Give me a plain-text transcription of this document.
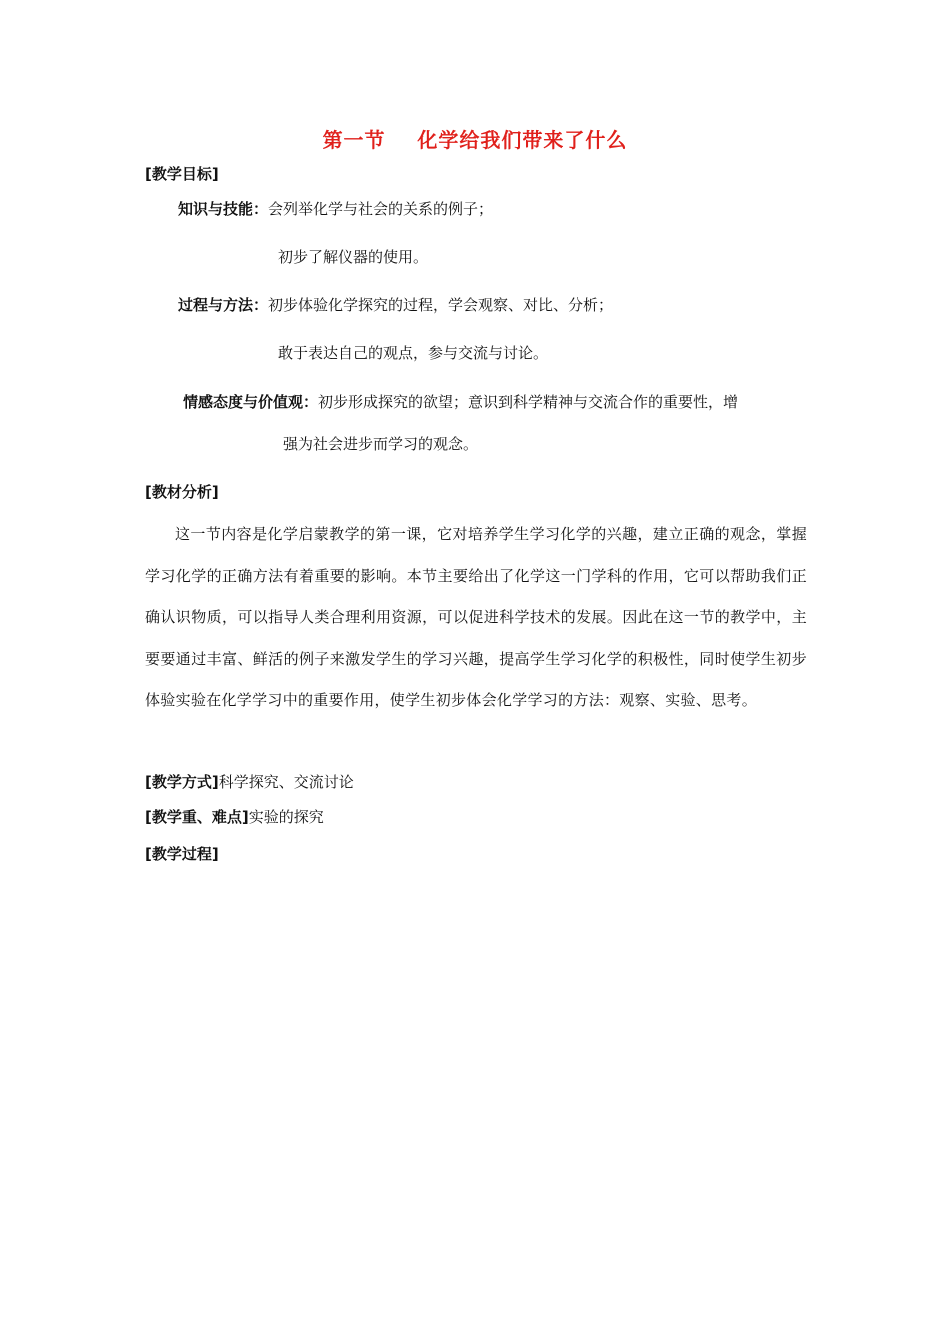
第一节    化学给我们带来了什么
[教学目标]
知识与技能：会列举化学与社会的关系的例子；
初步了解仪器的使用。
过程与方法：初步体验化学探究的过程，学会观察、对比、分析；
敢于表达自己的观点，参与交流与讨论。
情感态度与价值观：初步形成探究的欲望；意识到科学精神与交流合作的重要性，增
强为社会进步而学习的观念。
[教材分析]
这一节内容是化学启蒙教学的第一课，它对培养学生学习化学的兴趣，建立正确的观念，掌握学习化学的正确方法有着重要的影响。本节主要给出了化学这一门学科的作用，它可以帮助我们正确认识物质，可以指导人类合理利用资源，可以促进科学技术的发展。因此在这一节的教学中，主要要通过丰富、鲜活的例子来激发学生的学习兴趣，提高学生学习化学的积极性，同时使学生初步体验实验在化学学习中的重要作用，使学生初步体会化学学习的方法：观察、实验、思考。
[教学方式]科学探究、交流讨论
[教学重、难点]实验的探究
[教学过程]
